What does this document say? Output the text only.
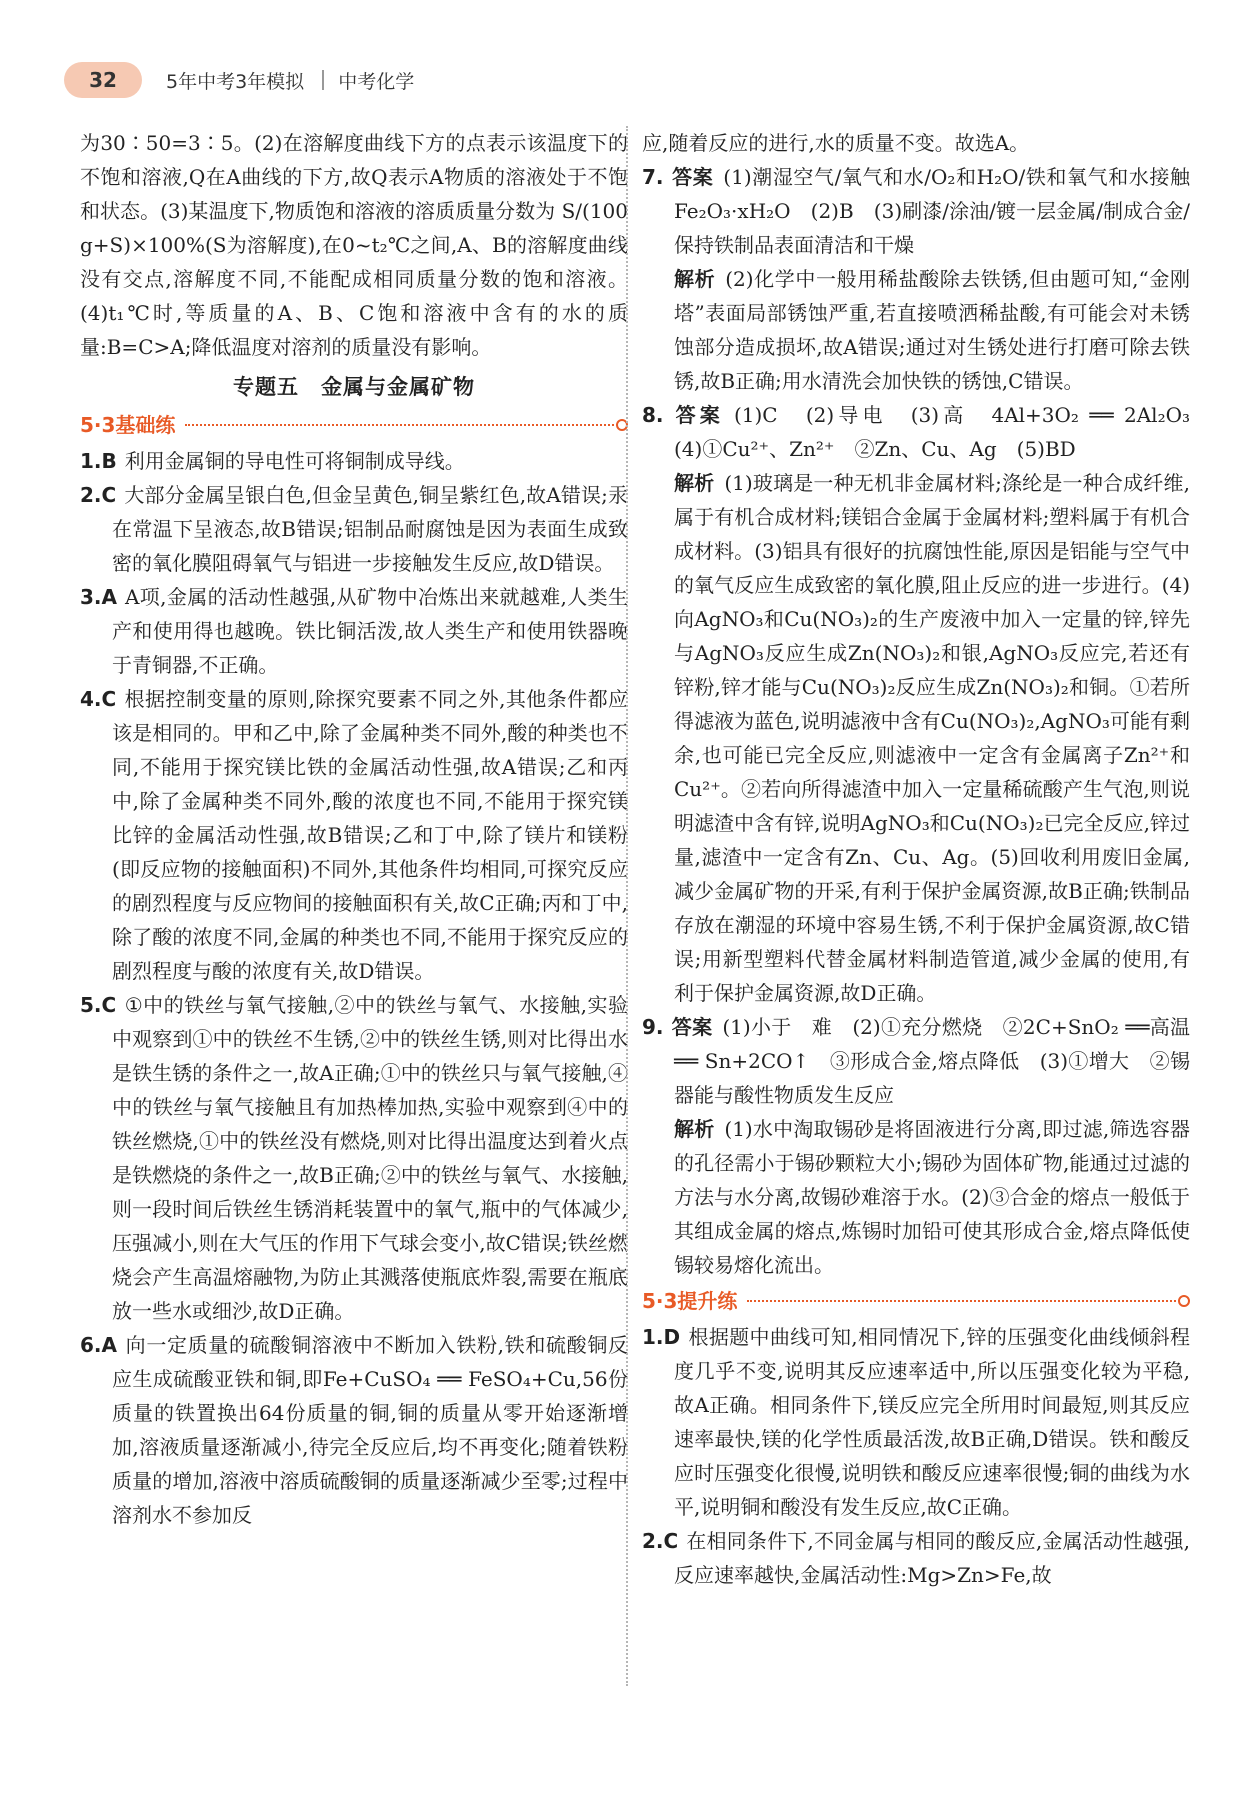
32	5年中考3年模拟 中考化学

为30∶50=3∶5。(2)在溶解度曲线下方的点表示该温度下的不饱和溶液,Q在A曲线的下方,故Q表示A物质的溶液处于不饱和状态。(3)某温度下,物质饱和溶液的溶质质量分数为 S/(100 g+S)×100%(S为溶解度),在0~t₂℃之间,A、B的溶解度曲线没有交点,溶解度不同,不能配成相同质量分数的饱和溶液。(4)t₁℃时,等质量的A、B、C饱和溶液中含有的水的质量:B=C>A;降低温度对溶剂的质量没有影响。

专题五　金属与金属矿物
5·3基础练

1.B 利用金属铜的导电性可将铜制成导线。

2.C 大部分金属呈银白色,但金呈黄色,铜呈紫红色,故A错误;汞在常温下呈液态,故B错误;铝制品耐腐蚀是因为表面生成致密的氧化膜阻碍氧气与铝进一步接触发生反应,故D错误。

3.A A项,金属的活动性越强,从矿物中冶炼出来就越难,人类生产和使用得也越晚。铁比铜活泼,故人类生产和使用铁器晚于青铜器,不正确。

4.C 根据控制变量的原则,除探究要素不同之外,其他条件都应该是相同的。甲和乙中,除了金属种类不同外,酸的种类也不同,不能用于探究镁比铁的金属活动性强,故A错误;乙和丙中,除了金属种类不同外,酸的浓度也不同,不能用于探究镁比锌的金属活动性强,故B错误;乙和丁中,除了镁片和镁粉(即反应物的接触面积)不同外,其他条件均相同,可探究反应的剧烈程度与反应物间的接触面积有关,故C正确;丙和丁中,除了酸的浓度不同,金属的种类也不同,不能用于探究反应的剧烈程度与酸的浓度有关,故D错误。

5.C ①中的铁丝与氧气接触,②中的铁丝与氧气、水接触,实验中观察到①中的铁丝不生锈,②中的铁丝生锈,则对比得出水是铁生锈的条件之一,故A正确;①中的铁丝只与氧气接触,④中的铁丝与氧气接触且有加热棒加热,实验中观察到④中的铁丝燃烧,①中的铁丝没有燃烧,则对比得出温度达到着火点是铁燃烧的条件之一,故B正确;②中的铁丝与氧气、水接触,则一段时间后铁丝生锈消耗装置中的氧气,瓶中的气体减少,压强减小,则在大气压的作用下气球会变小,故C错误;铁丝燃烧会产生高温熔融物,为防止其溅落使瓶底炸裂,需要在瓶底放一些水或细沙,故D正确。

6.A 向一定质量的硫酸铜溶液中不断加入铁粉,铁和硫酸铜反应生成硫酸亚铁和铜,即Fe+CuSO₄ ══ FeSO₄+Cu,56份质量的铁置换出64份质量的铜,铜的质量从零开始逐渐增加,溶液质量逐渐减小,待完全反应后,均不再变化;随着铁粉质量的增加,溶液中溶质硫酸铜的质量逐渐减少至零;过程中溶剂水不参加反

应,随着反应的进行,水的质量不变。故选A。

7. 答案 (1)潮湿空气/氧气和水/O₂和H₂O/铁和氧气和水接触　Fe₂O₃·xH₂O　(2)B　(3)刷漆/涂油/镀一层金属/制成合金/保持铁制品表面清洁和干燥

解析 (2)化学中一般用稀盐酸除去铁锈,但由题可知,“金刚塔”表面局部锈蚀严重,若直接喷洒稀盐酸,有可能会对未锈蚀部分造成损坏,故A错误;通过对生锈处进行打磨可除去铁锈,故B正确;用水清洗会加快铁的锈蚀,C错误。

8. 答案 (1)C　(2)导电　(3)高　4Al+3O₂ ══ 2Al₂O₃　(4)①Cu²⁺、Zn²⁺　②Zn、Cu、Ag　(5)BD

解析 (1)玻璃是一种无机非金属材料;涤纶是一种合成纤维,属于有机合成材料;镁铝合金属于金属材料;塑料属于有机合成材料。(3)铝具有很好的抗腐蚀性能,原因是铝能与空气中的氧气反应生成致密的氧化膜,阻止反应的进一步进行。(4)向AgNO₃和Cu(NO₃)₂的生产废液中加入一定量的锌,锌先与AgNO₃反应生成Zn(NO₃)₂和银,AgNO₃反应完,若还有锌粉,锌才能与Cu(NO₃)₂反应生成Zn(NO₃)₂和铜。①若所得滤液为蓝色,说明滤液中含有Cu(NO₃)₂,AgNO₃可能有剩余,也可能已完全反应,则滤液中一定含有金属离子Zn²⁺和Cu²⁺。②若向所得滤渣中加入一定量稀硫酸产生气泡,则说明滤渣中含有锌,说明AgNO₃和Cu(NO₃)₂已完全反应,锌过量,滤渣中一定含有Zn、Cu、Ag。(5)回收利用废旧金属,减少金属矿物的开采,有利于保护金属资源,故B正确;铁制品存放在潮湿的环境中容易生锈,不利于保护金属资源,故C错误;用新型塑料代替金属材料制造管道,减少金属的使用,有利于保护金属资源,故D正确。

9. 答案 (1)小于　难　(2)①充分燃烧　②2C+SnO₂ ══高温══ Sn+2CO↑　③形成合金,熔点降低　(3)①增大　②锡器能与酸性物质发生反应

解析 (1)水中淘取锡砂是将固液进行分离,即过滤,筛选容器的孔径需小于锡砂颗粒大小;锡砂为固体矿物,能通过过滤的方法与水分离,故锡砂难溶于水。(2)③合金的熔点一般低于其组成金属的熔点,炼锡时加铅可使其形成合金,熔点降低使锡较易熔化流出。

5·3提升练

1.D 根据题中曲线可知,相同情况下,锌的压强变化曲线倾斜程度几乎不变,说明其反应速率适中,所以压强变化较为平稳,故A正确。相同条件下,镁反应完全所用时间最短,则其反应速率最快,镁的化学性质最活泼,故B正确,D错误。铁和酸反应时压强变化很慢,说明铁和酸反应速率很慢;铜的曲线为水平,说明铜和酸没有发生反应,故C正确。

2.C 在相同条件下,不同金属与相同的酸反应,金属活动性越强,反应速率越快,金属活动性:Mg>Zn>Fe,故
